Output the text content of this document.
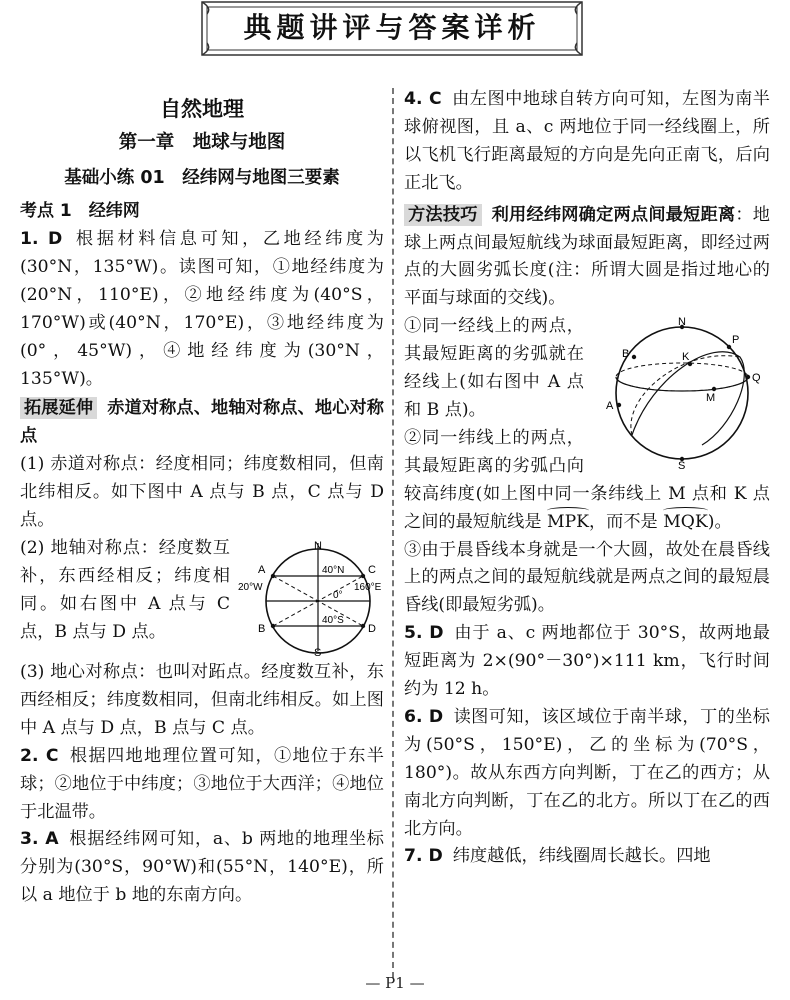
典题讲评与答案详析
自然地理
第一章　地球与地图
基础小练 01　经纬网与地图三要素
考点 1　经纬网

1. D 根据材料信息可知，乙地经纬度为(30°N，135°W)。读图可知，①地经纬度为(20°N，110°E)，②地经纬度为(40°S，170°W)或(40°N，170°E)，③地经纬度为(0°，45°W)，④地经纬度为(30°N，135°W)。

拓展延伸 赤道对称点、地轴对称点、地心对称点

(1) 赤道对称点：经度相同；纬度数相同，但南北纬相反。如下图中 A 点与 B 点，C 点与 D 点。

N
S
A	C
B	D
40°N
40°S
0°
20°W	160°E
(2) 地轴对称点：经度数互补，东西经相反；纬度相同。如右图中 A 点与 C 点，B 点与 D 点。

(3) 地心对称点：也叫对跖点。经度数互补，东西经相反；纬度数相同，但南北纬相反。如上图中 A 点与 D 点，B 点与 C 点。

2. C 根据四地地理位置可知，①地位于东半球；②地位于中纬度；③地位于大西洋；④地位于北温带。

3. A 根据经纬网可知，a、b 两地的地理坐标分别为(30°S，90°W)和(55°N，140°E)，所以 a 地位于 b 地的东南方向。

4. C 由左图中地球自转方向可知，左图为南半球俯视图，且 a、c 两地位于同一经线圈上，所以飞机飞行距离最短的方向是先向正南飞，后向正北飞。

方法技巧 利用经纬网确定两点间最短距离：地球上两点间最短航线为球面最短距离，即经过两点的大圆劣弧长度(注：所谓大圆是指过地心的平面与球面的交线)。

N
S
B
A
P
Q
K
M
①同一经线上的两点，其最短距离的劣弧就在经线上(如右图中 A 点和 B 点)。

②同一纬线上的两点，其最短距离的劣弧凸向较高纬度(如上图中同一条纬线上 M 点和 K 点之间的最短航线是 MPK，而不是 MQK)。

③由于晨昏线本身就是一个大圆，故处在晨昏线上的两点之间的最短航线就是两点之间的最短晨昏线(即最短劣弧)。

5. D 由于 a、c 两地都位于 30°S，故两地最短距离为 2×(90°－30°)×111 km，飞行时间约为 12 h。

6. D 读图可知，该区域位于南半球，丁的坐标为(50°S，150°E)，乙的坐标为(70°S，180°)。故从东西方向判断，丁在乙的西方；从南北方向判断，丁在乙的北方。所以丁在乙的西北方向。

7. D 纬度越低，纬线圈周长越长。四地

— P1 —
